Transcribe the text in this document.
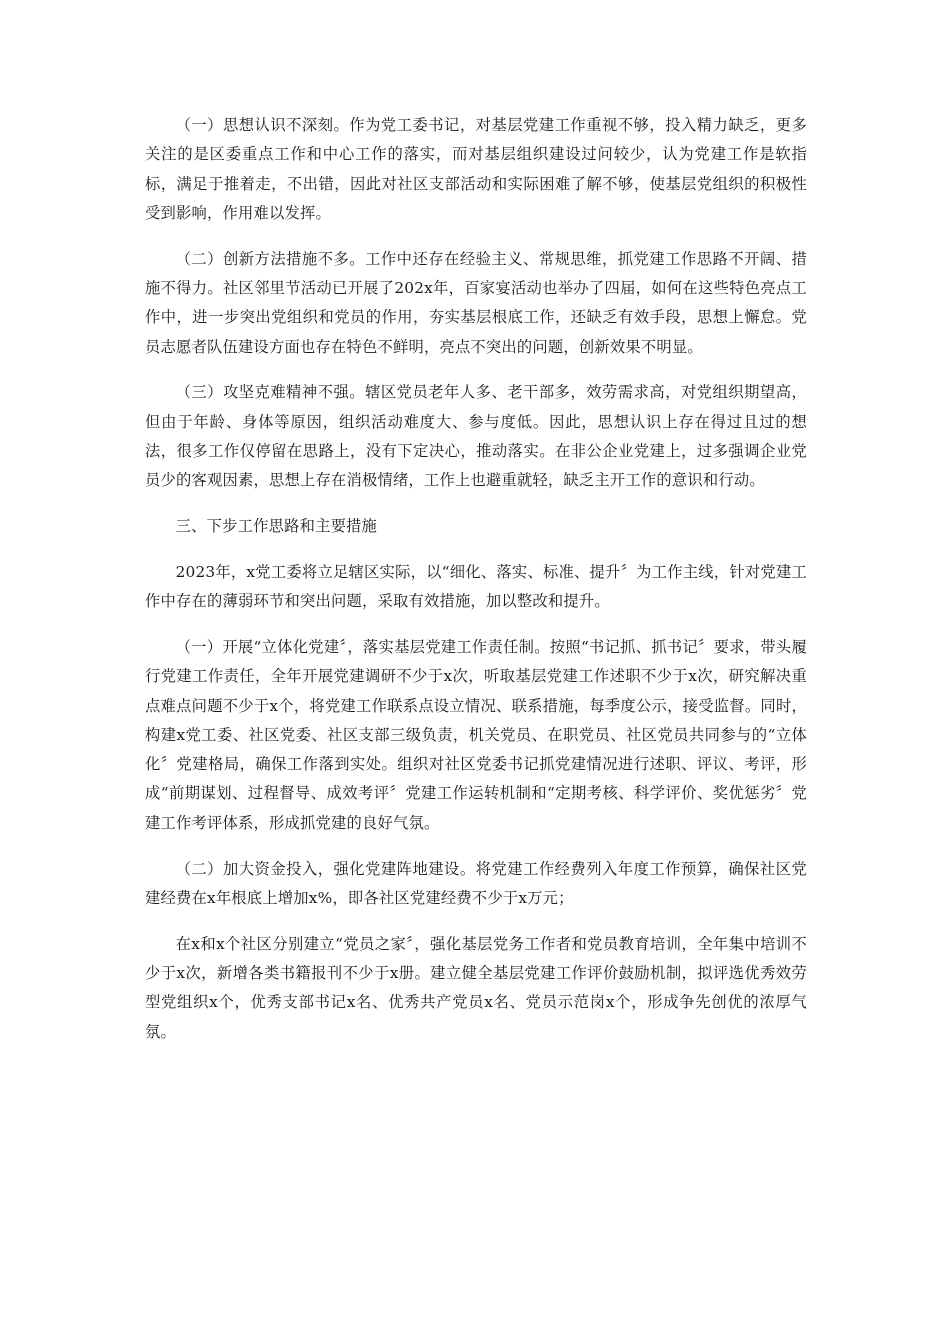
（一）思想认识不深刻。作为党工委书记，对基层党建工作重视不够，投入精力缺乏，更多关注的是区委重点工作和中心工作的落实，而对基层组织建设过问较少，认为党建工作是软指标，满足于推着走，不出错，因此对社区支部活动和实际困难了解不够，使基层党组织的积极性受到影响，作用难以发挥。

（二）创新方法措施不多。工作中还存在经验主义、常规思维，抓党建工作思路不开阔、措施不得力。社区邻里节活动已开展了202x年，百家宴活动也举办了四届，如何在这些特色亮点工作中，进一步突出党组织和党员的作用，夯实基层根底工作，还缺乏有效手段，思想上懈怠。党员志愿者队伍建设方面也存在特色不鲜明，亮点不突出的问题，创新效果不明显。

（三）攻坚克难精神不强。辖区党员老年人多、老干部多，效劳需求高，对党组织期望高，但由于年龄、身体等原因，组织活动难度大、参与度低。因此，思想认识上存在得过且过的想法，很多工作仅停留在思路上，没有下定决心，推动落实。在非公企业党建上，过多强调企业党员少的客观因素，思想上存在消极情绪，工作上也避重就轻，缺乏主开工作的意识和行动。

三、下步工作思路和主要措施

2023年，x党工委将立足辖区实际，以“细化、落实、标准、提升〞为工作主线，针对党建工作中存在的薄弱环节和突出问题，采取有效措施，加以整改和提升。

（一）开展“立体化党建〞，落实基层党建工作责任制。按照“书记抓、抓书记〞要求，带头履行党建工作责任，全年开展党建调研不少于x次，听取基层党建工作述职不少于x次，研究解决重点难点问题不少于x个，将党建工作联系点设立情况、联系措施，每季度公示，接受监督。同时，构建x党工委、社区党委、社区支部三级负责，机关党员、在职党员、社区党员共同参与的“立体化〞党建格局，确保工作落到实处。组织对社区党委书记抓党建情况进行述职、评议、考评，形成“前期谋划、过程督导、成效考评〞党建工作运转机制和“定期考核、科学评价、奖优惩劣〞党建工作考评体系，形成抓党建的良好气氛。

（二）加大资金投入，强化党建阵地建设。将党建工作经费列入年度工作预算，确保社区党建经费在x年根底上增加x%，即各社区党建经费不少于x万元；

在x和x个社区分别建立“党员之家〞，强化基层党务工作者和党员教育培训，全年集中培训不少于x次，新增各类书籍报刊不少于x册。建立健全基层党建工作评价鼓励机制，拟评选优秀效劳型党组织x个，优秀支部书记x名、优秀共产党员x名、党员示范岗x个，形成争先创优的浓厚气氛。
